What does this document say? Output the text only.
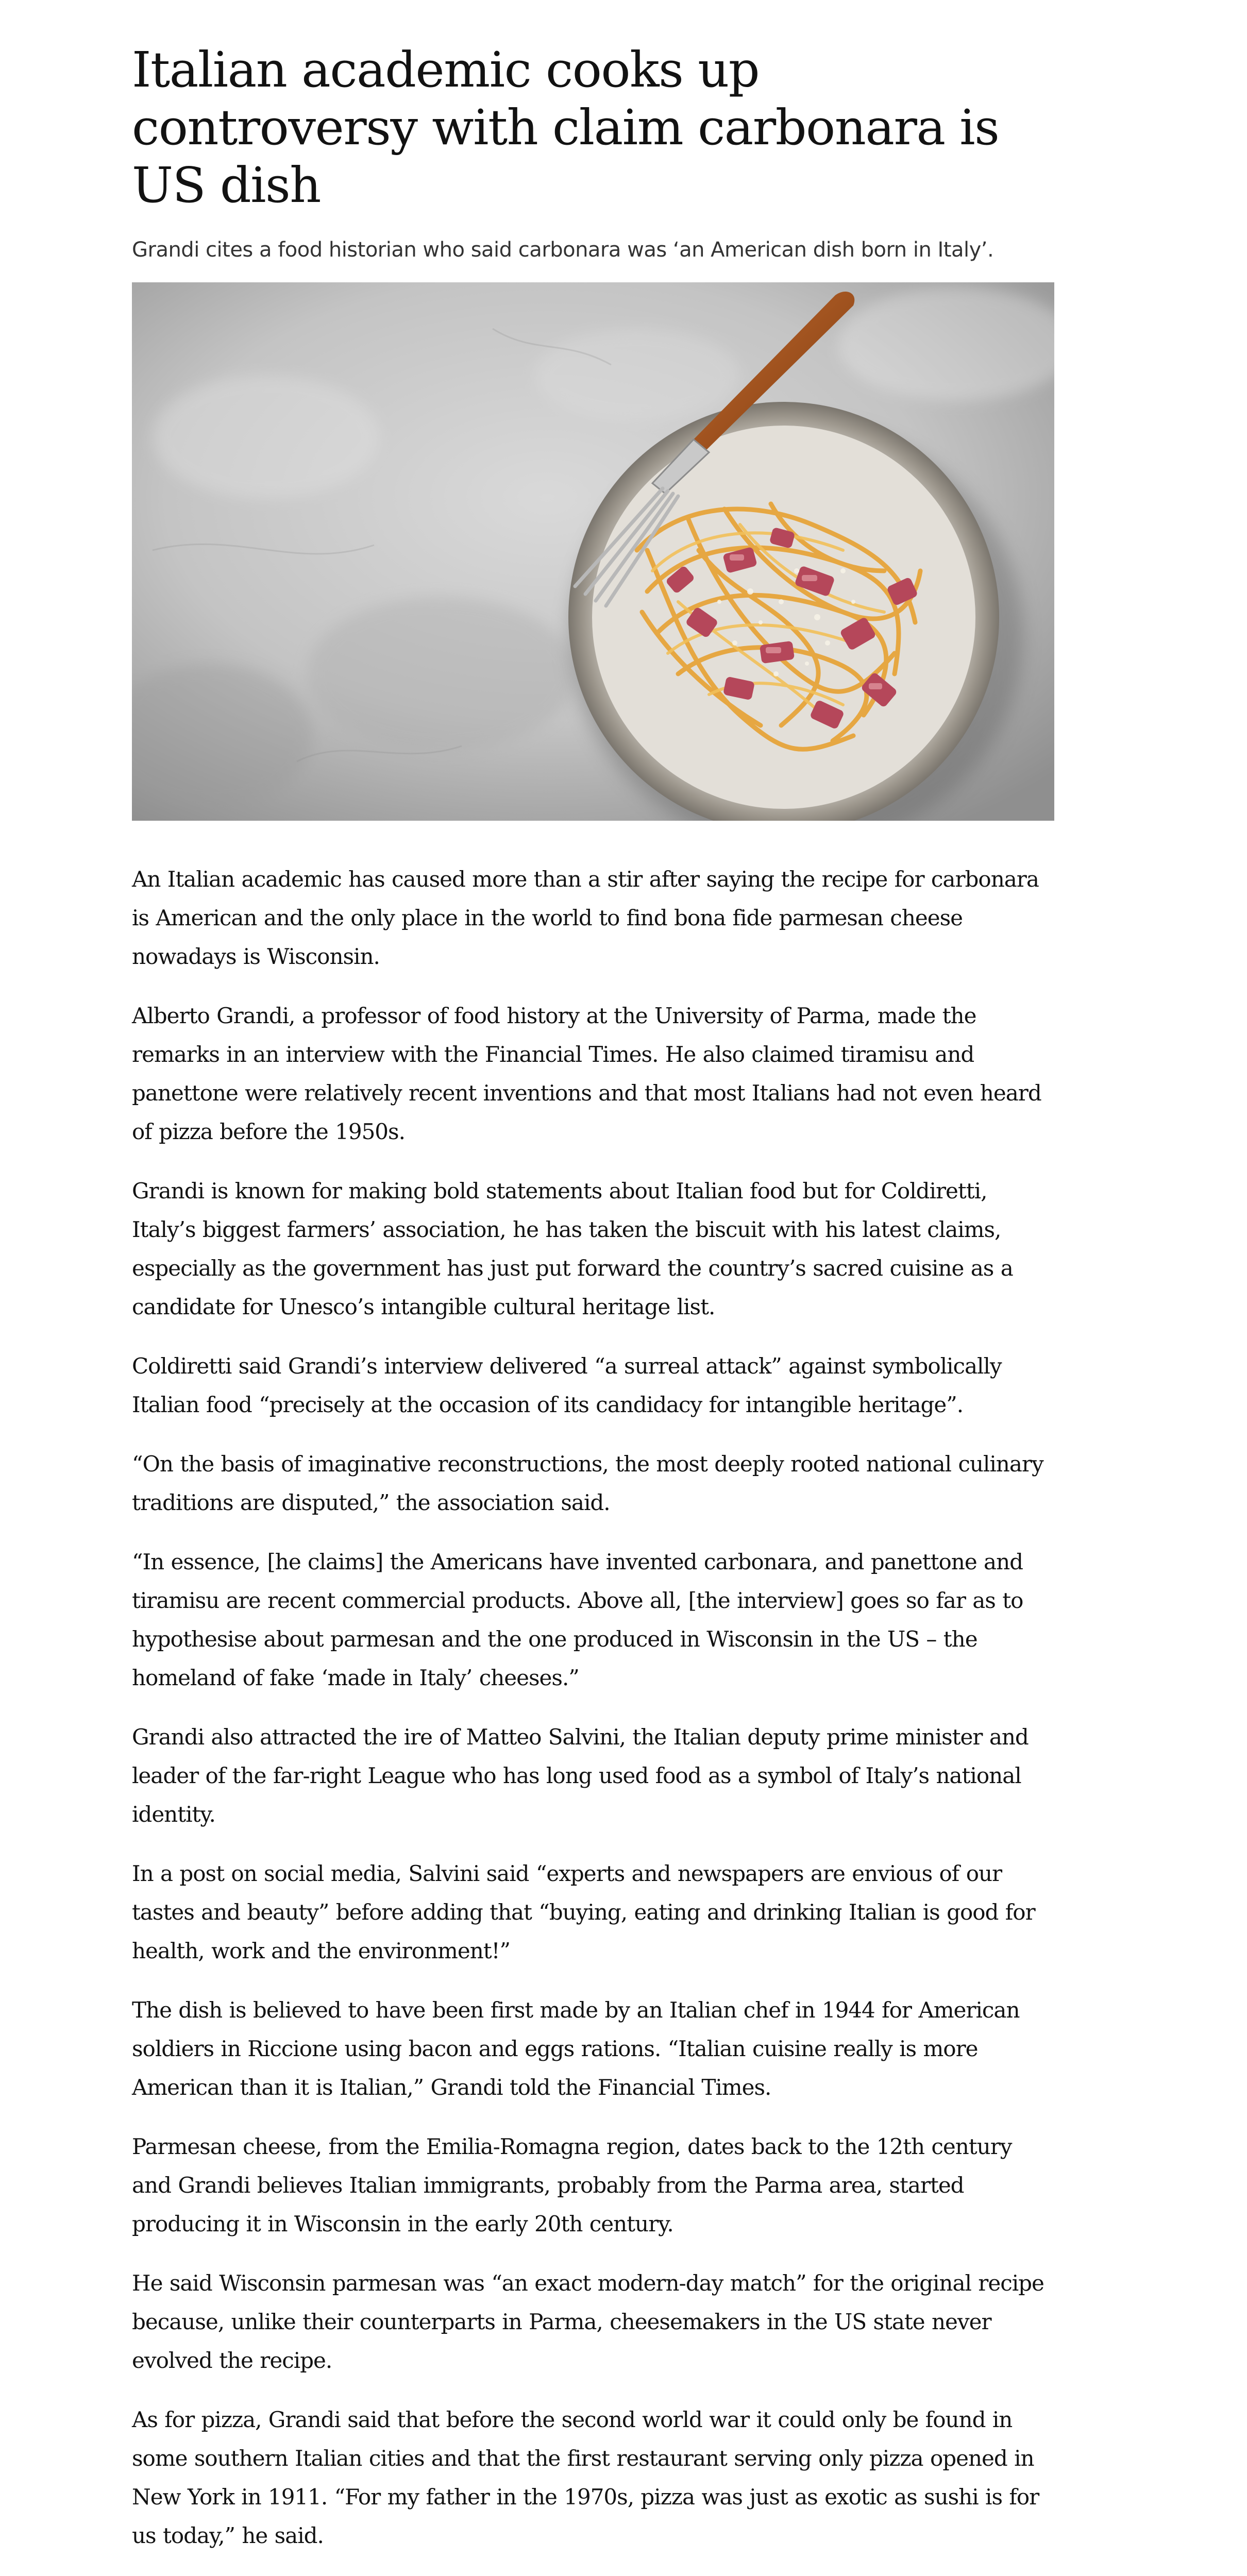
Italian academic cooks up controversy with claim carbonara is US dish

Grandi cites a food historian who said carbonara was ‘an American dish born in Italy’.

An Italian academic has caused more than a stir after saying the recipe for carbonara is American and the only place in the world to find bona fide parmesan cheese nowadays is Wisconsin.

Alberto Grandi, a professor of food history at the University of Parma, made the remarks in an interview with the Financial Times. He also claimed tiramisu and panettone were relatively recent inventions and that most Italians had not even heard of pizza before the 1950s.

Grandi is known for making bold statements about Italian food but for Coldiretti, Italy’s biggest farmers’ association, he has taken the biscuit with his latest claims, especially as the government has just put forward the country’s sacred cuisine as a candidate for Unesco’s intangible cultural heritage list.

Coldiretti said Grandi’s interview delivered “a surreal attack” against symbolically Italian food “precisely at the occasion of its candidacy for intangible heritage”.

“On the basis of imaginative reconstructions, the most deeply rooted national culinary traditions are disputed,” the association said.

“In essence, [he claims] the Americans have invented carbonara, and panettone and tiramisu are recent commercial products. Above all, [the interview] goes so far as to hypothesise about parmesan and the one produced in Wisconsin in the US – the homeland of fake ‘made in Italy’ cheeses.”

Grandi also attracted the ire of Matteo Salvini, the Italian deputy prime minister and leader of the far-right League who has long used food as a symbol of Italy’s national identity.

In a post on social media, Salvini said “experts and newspapers are envious of our tastes and beauty” before adding that “buying, eating and drinking Italian is good for health, work and the environment!”

The dish is believed to have been first made by an Italian chef in 1944 for American soldiers in Riccione using bacon and eggs rations. “Italian cuisine really is more American than it is Italian,” Grandi told the Financial Times.

Parmesan cheese, from the Emilia-Romagna region, dates back to the 12th century and Grandi believes Italian immigrants, probably from the Parma area, started producing it in Wisconsin in the early 20th century.

He said Wisconsin parmesan was “an exact modern-day match” for the original recipe because, unlike their counterparts in Parma, cheesemakers in the US state never evolved the recipe.

As for pizza, Grandi said that before the second world war it could only be found in some southern Italian cities and that the first restaurant serving only pizza opened in New York in 1911. “For my father in the 1970s, pizza was just as exotic as sushi is for us today,” he said.
